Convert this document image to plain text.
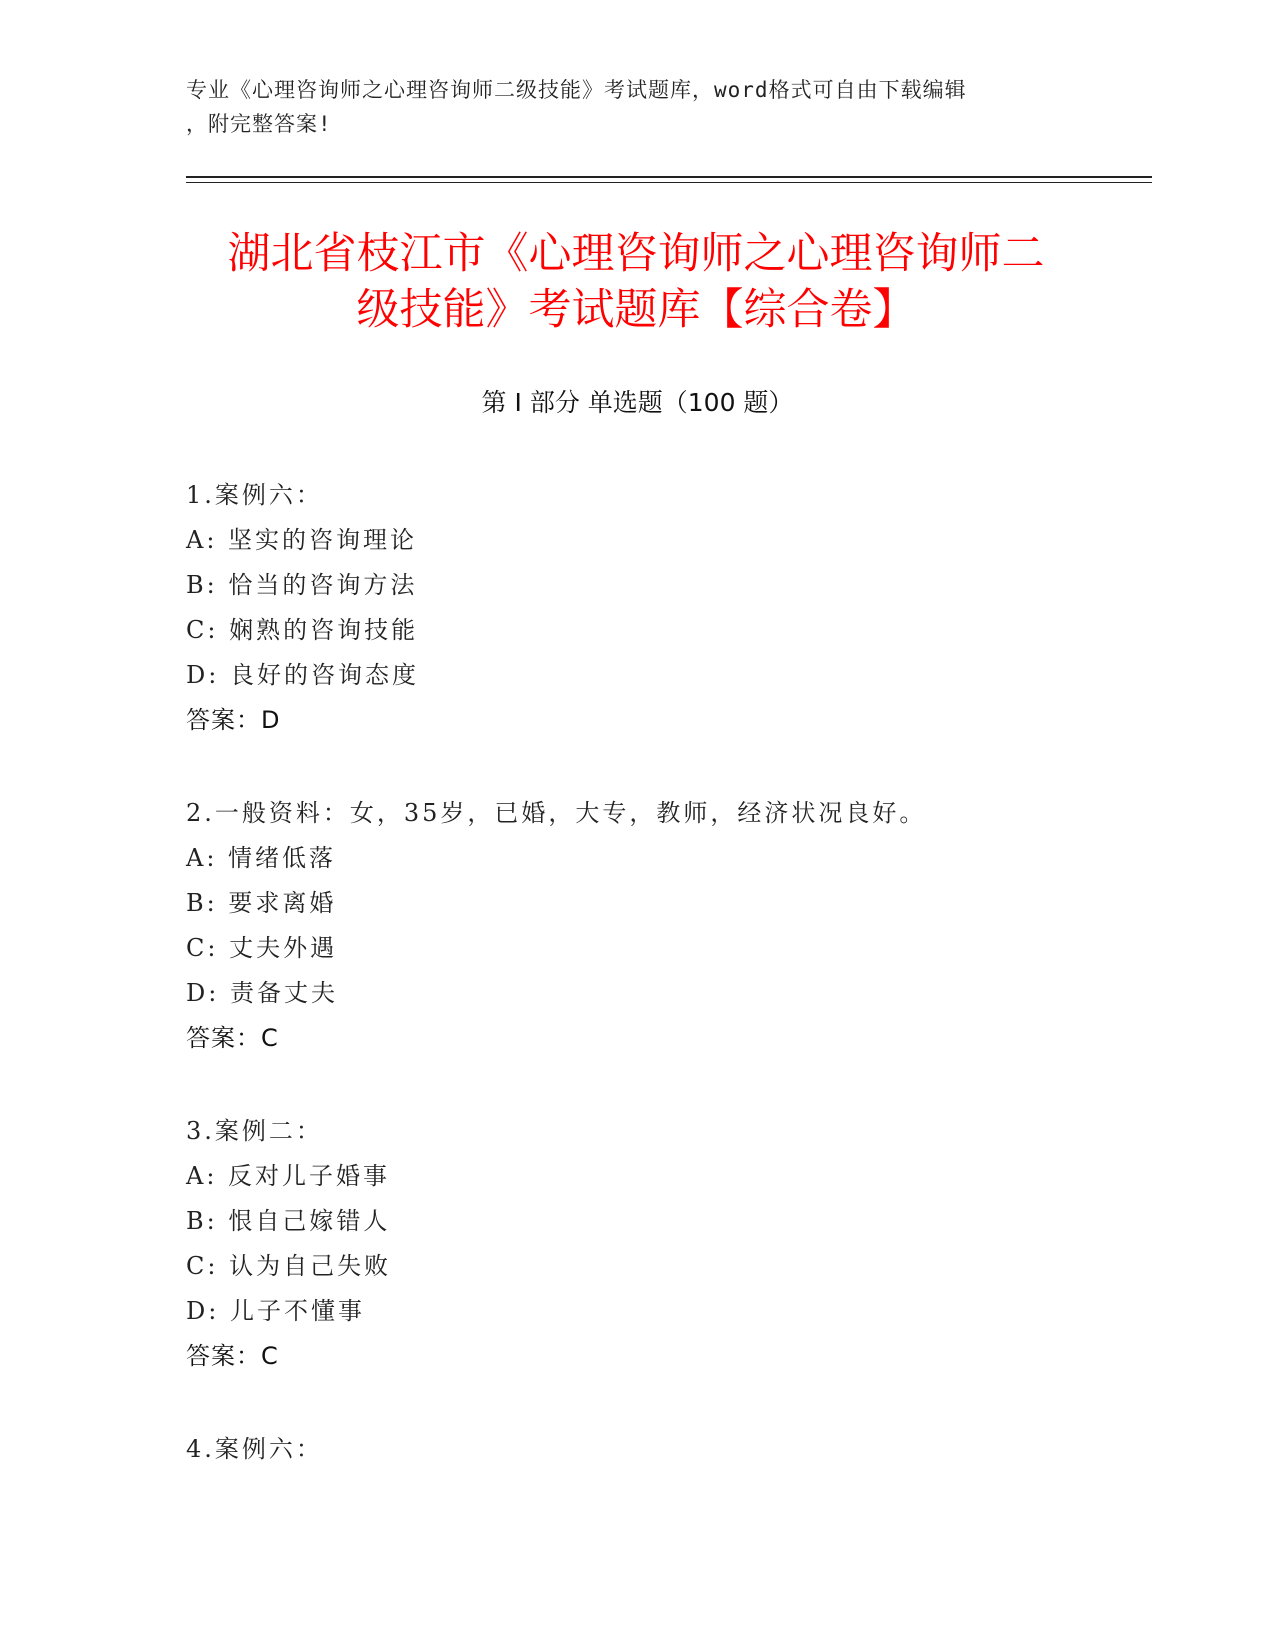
专业《心理咨询师之心理咨询师二级技能》考试题库，word格式可自由下载编辑
，附完整答案!
湖北省枝江市《心理咨询师之心理咨询师二
级技能》考试题库【综合卷】
第 I 部分 单选题（100 题）
1.案例六：
A: 坚实的咨询理论
B: 恰当的咨询方法
C: 娴熟的咨询技能
D: 良好的咨询态度
答案：D
2.一般资料：女，35岁，已婚，大专，教师，经济状况良好。
A: 情绪低落
B: 要求离婚
C: 丈夫外遇
D: 责备丈夫
答案：C
3.案例二：
A: 反对儿子婚事
B: 恨自己嫁错人
C: 认为自己失败
D: 儿子不懂事
答案：C
4.案例六：
